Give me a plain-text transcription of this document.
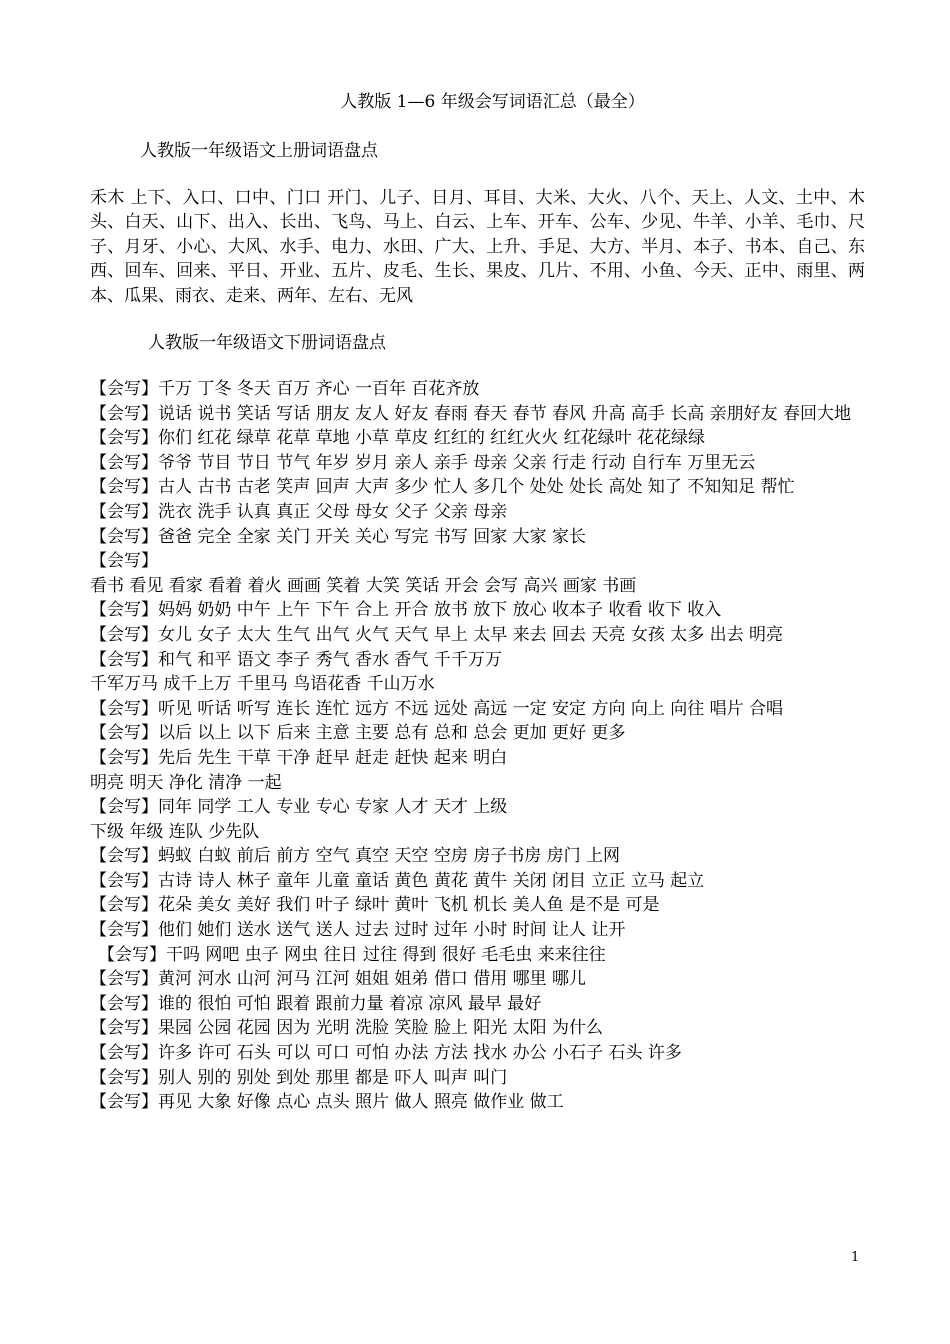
人教版 1—6 年级会写词语汇总（最全）
人教版一年级语文上册词语盘点
禾木 上下、入口、口中、门口 开门、儿子、日月、耳目、大米、大火、八个、天上、人文、土中、木头、白天、山下、出入、长出、飞鸟、马上、白云、上车、开车、公车、少见、牛羊、小羊、毛巾、尺子、月牙、小心、大风、水手、电力、水田、广大、上升、手足、大方、半月、本子、书本、自己、东西、回车、回来、平日、开业、五片、皮毛、生长、果皮、几片、不用、小鱼、今天、正中、雨里、两本、瓜果、雨衣、走来、两年、左右、无风
人教版一年级语文下册词语盘点
【会写】千万 丁冬 冬天 百万 齐心 一百年 百花齐放
【会写】说话 说书 笑话 写话 朋友 友人 好友 春雨 春天 春节 春风 升高 高手 长高 亲朋好友 春回大地
【会写】你们 红花 绿草 花草 草地 小草 草皮 红红的 红红火火 红花绿叶 花花绿绿
【会写】爷爷 节目 节日 节气 年岁 岁月 亲人 亲手 母亲 父亲 行走 行动 自行车 万里无云
【会写】古人 古书 古老 笑声 回声 大声 多少 忙人 多几个 处处 处长 高处 知了 不知知足 帮忙
【会写】洗衣 洗手 认真 真正 父母 母女 父子 父亲 母亲
【会写】爸爸 完全 全家 关门 开关 关心 写完 书写 回家 大家 家长
【会写】
看书 看见 看家 看着 着火 画画 笑着 大笑 笑话 开会 会写 高兴 画家 书画
【会写】妈妈 奶奶 中午 上午 下午 合上 开合 放书 放下 放心 收本子 收看 收下 收入
【会写】女儿 女子 太大 生气 出气 火气 天气 早上 太早 来去 回去 天亮 女孩 太多 出去 明亮
【会写】和气 和平 语文 李子 秀气 香水 香气 千千万万
千军万马 成千上万 千里马 鸟语花香 千山万水
【会写】听见 听话 听写 连长 连忙 远方 不远 远处 高远 一定 安定 方向 向上 向往 唱片 合唱
【会写】以后 以上 以下 后来 主意 主要 总有 总和 总会 更加 更好 更多
【会写】先后 先生 干草 干净 赶早 赶走 赶快 起来 明白
明亮 明天 净化 清净 一起
【会写】同年 同学 工人 专业 专心 专家 人才 天才 上级
下级 年级 连队 少先队
【会写】蚂蚁 白蚁 前后 前方 空气 真空 天空 空房 房子书房 房门 上网
【会写】古诗 诗人 林子 童年 儿童 童话 黄色 黄花 黄牛 关闭 闭目 立正 立马 起立
【会写】花朵 美女 美好 我们 叶子 绿叶 黄叶 飞机 机长 美人鱼 是不是 可是
【会写】他们 她们 送水 送气 送人 过去 过时 过年 小时 时间 让人 让开
【会写】干吗 网吧 虫子 网虫 往日 过往 得到 很好 毛毛虫 来来往往
【会写】黄河 河水 山河 河马 江河 姐姐 姐弟 借口 借用 哪里 哪儿
【会写】谁的 很怕 可怕 跟着 跟前力量 着凉 凉风 最早 最好
【会写】果园 公园 花园 因为 光明 洗脸 笑脸 脸上 阳光 太阳 为什么
【会写】许多 许可 石头 可以 可口 可怕 办法 方法 找水 办公 小石子 石头 许多
【会写】别人 别的 别处 到处 那里 都是 吓人 叫声 叫门
【会写】再见 大象 好像 点心 点头 照片 做人 照亮 做作业 做工
1
